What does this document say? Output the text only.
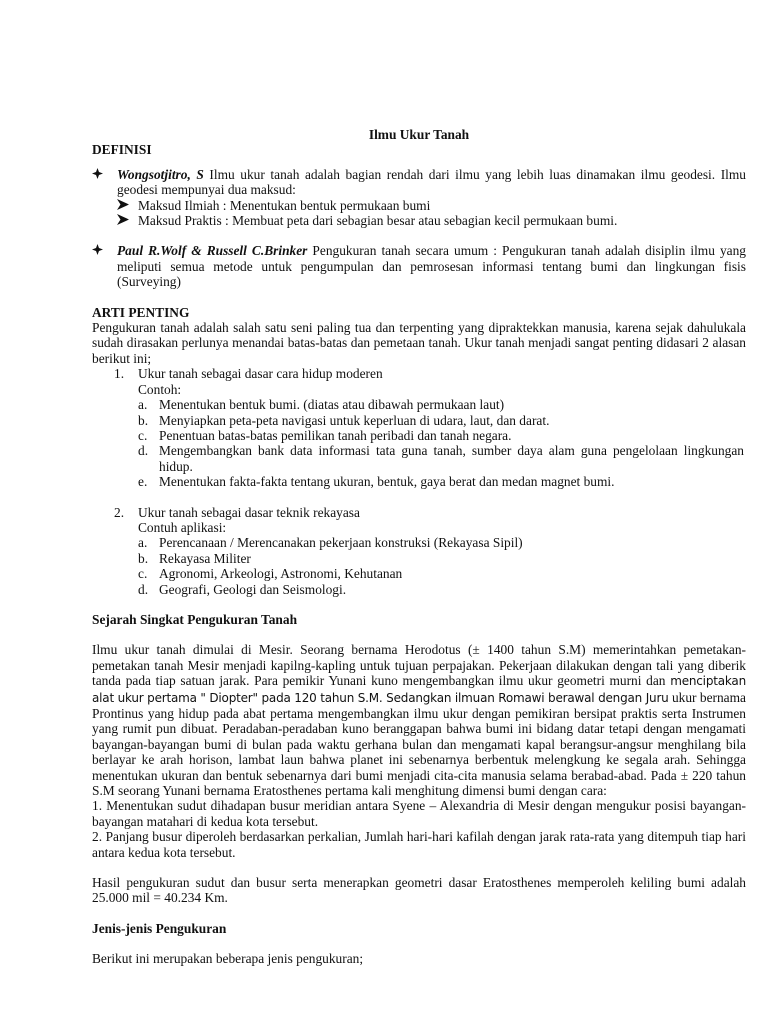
Ilmu Ukur Tanah

DEFINISI

Wongsotjitro, S Ilmu ukur tanah adalah bagian rendah dari ilmu yang lebih luas dinamakan ilmu geodesi. Ilmu geodesi mempunyai dua maksud:
Maksud Ilmiah : Menentukan bentuk permukaan bumi
Maksud Praktis : Membuat peta dari sebagian besar atau sebagian kecil permukaan bumi.
Paul R.Wolf & Russell C.Brinker Pengukuran tanah secara umum : Pengukuran tanah adalah disiplin ilmu yang meliputi semua metode untuk pengumpulan dan pemrosesan informasi tentang bumi dan lingkungan fisis (Surveying)

ARTI PENTING

Pengukuran tanah adalah salah satu seni paling tua dan terpenting yang dipraktekkan manusia, karena sejak dahulukala sudah dirasakan perlunya menandai batas-batas dan pemetaan tanah. Ukur tanah menjadi sangat penting didasari 2 alasan berikut ini;

1. Ukur tanah sebagai dasar cara hidup moderen
Contoh:
a. Menentukan bentuk bumi. (diatas atau dibawah permukaan laut)
b. Menyiapkan peta-peta navigasi untuk keperluan di udara, laut, dan darat.
c. Penentuan batas-batas pemilikan tanah peribadi dan tanah negara.
d. Mengembangkan bank data informasi tata guna tanah, sumber daya alam guna pengelolaan lingkungan hidup.
e. Menentukan fakta-fakta tentang ukuran, bentuk, gaya berat dan medan magnet bumi.
2. Ukur tanah sebagai dasar teknik rekayasa
Contuh aplikasi:
a. Perencanaan / Merencanakan pekerjaan konstruksi (Rekayasa Sipil)
b. Rekayasa Militer
c. Agronomi, Arkeologi, Astronomi, Kehutanan
d. Geografi, Geologi dan Seismologi.

Sejarah Singkat Pengukuran Tanah

Ilmu ukur tanah dimulai di Mesir. Seorang bernama Herodotus (± 1400 tahun S.M) memerintahkan pemetakan-pemetakan tanah Mesir menjadi kapilng-kapling untuk tujuan perpajakan. Pekerjaan dilakukan dengan tali yang diberik tanda pada tiap satuan jarak. Para pemikir Yunani kuno mengembangkan ilmu ukur geometri murni dan menciptakan alat ukur pertama " Diopter" pada 120 tahun S.M. Sedangkan ilmuan Romawi berawal dengan Juru ukur bernama Prontinus yang hidup pada abat pertama mengembangkan ilmu ukur dengan pemikiran bersipat praktis serta Instrumen yang rumit pun dibuat. Peradaban-peradaban kuno beranggapan bahwa bumi ini bidang datar tetapi dengan mengamati bayangan-bayangan bumi di bulan pada waktu gerhana bulan dan mengamati kapal berangsur-angsur menghilang bila berlayar ke arah horison, lambat laun bahwa planet ini sebenarnya berbentuk melengkung ke segala arah. Sehingga menentukan ukuran dan bentuk sebenarnya dari bumi menjadi cita-cita manusia selama berabad-abad. Pada ± 220 tahun S.M seorang Yunani bernama Eratosthenes pertama kali menghitung dimensi bumi dengan cara:

1. Menentukan sudut dihadapan busur meridian antara Syene – Alexandria di Mesir dengan mengukur posisi bayangan-bayangan matahari di kedua kota tersebut.

2. Panjang busur diperoleh berdasarkan perkalian, Jumlah hari-hari kafilah dengan jarak rata-rata yang ditempuh tiap hari antara kedua kota tersebut.

Hasil pengukuran sudut dan busur serta menerapkan geometri dasar Eratosthenes memperoleh keliling bumi adalah 25.000 mil = 40.234 Km.

Jenis-jenis Pengukuran

Berikut ini merupakan beberapa jenis pengukuran;
